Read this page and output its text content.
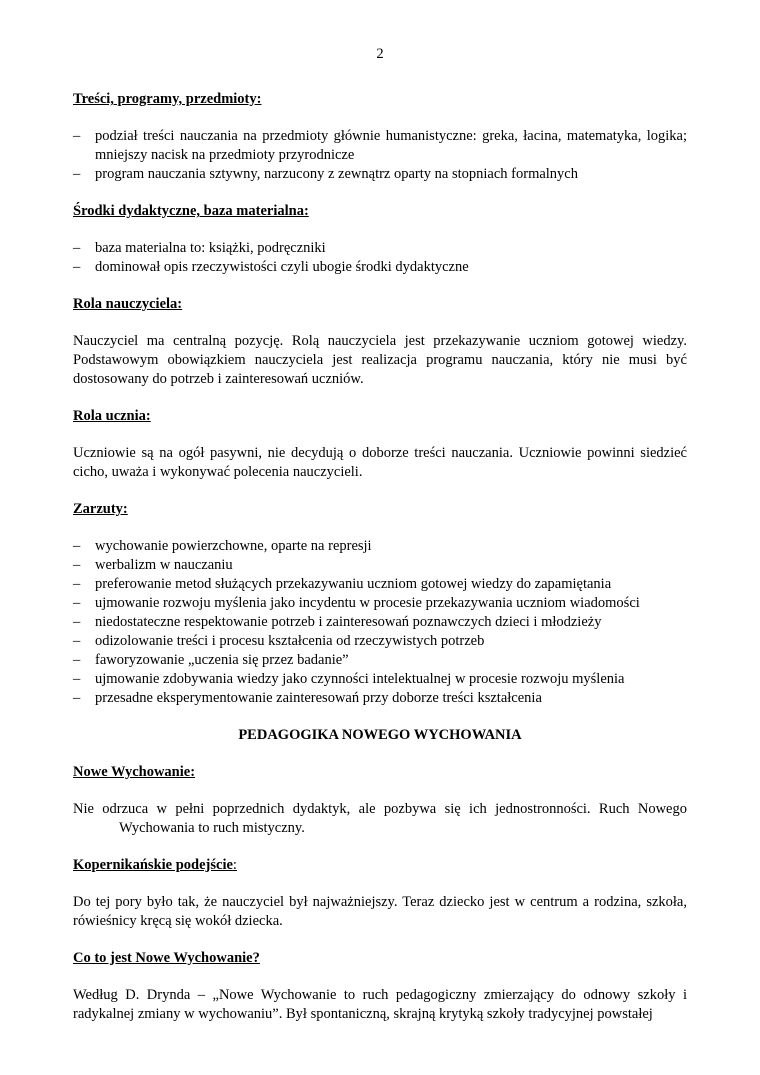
2

Treści, programy, przedmioty:

– podział treści nauczania na przedmioty głównie humanistyczne: greka, łacina, matematyka, logika; mniejszy nacisk na przedmioty przyrodnicze
– program nauczania sztywny, narzucony z zewnątrz oparty na stopniach formalnych

Środki dydaktyczne, baza materialna:

– baza materialna to: książki, podręczniki
– dominował opis rzeczywistości czyli ubogie środki dydaktyczne

Rola nauczyciela:

Nauczyciel ma centralną pozycję. Rolą nauczyciela jest przekazywanie uczniom gotowej wiedzy. Podstawowym obowiązkiem nauczyciela jest realizacja programu nauczania, który nie musi być dostosowany do potrzeb i zainteresowań uczniów.

Rola ucznia:

Uczniowie są na ogół pasywni, nie decydują o doborze treści nauczania. Uczniowie powinni siedzieć cicho, uważa i wykonywać polecenia nauczycieli.

Zarzuty:

– wychowanie powierzchowne, oparte na represji
– werbalizm w nauczaniu
– preferowanie metod służących przekazywaniu uczniom gotowej wiedzy do zapamiętania
– ujmowanie rozwoju myślenia jako incydentu w procesie przekazywania uczniom wiadomości
– niedostateczne respektowanie potrzeb i zainteresowań poznawczych dzieci i młodzieży
– odizolowanie treści i procesu kształcenia od rzeczywistych potrzeb
– faworyzowanie „uczenia się przez badanie”
– ujmowanie zdobywania wiedzy jako czynności intelektualnej w procesie rozwoju myślenia
– przesadne eksperymentowanie zainteresowań przy doborze treści kształcenia

PEDAGOGIKA NOWEGO WYCHOWANIA

Nowe Wychowanie:

Nie odrzuca w pełni poprzednich dydaktyk, ale pozbywa się ich jednostronności. Ruch Nowego
Wychowania to ruch mistyczny.

Kopernikańskie podejście:

Do tej pory było tak, że nauczyciel był najważniejszy. Teraz dziecko jest w centrum a rodzina, szkoła, rówieśnicy kręcą się wokół dziecka.

Co to jest Nowe Wychowanie?

Według D. Drynda – „Nowe Wychowanie to ruch pedagogiczny zmierzający do odnowy szkoły i radykalnej zmiany w wychowaniu”. Był spontaniczną, skrajną krytyką szkoły tradycyjnej powstałej
